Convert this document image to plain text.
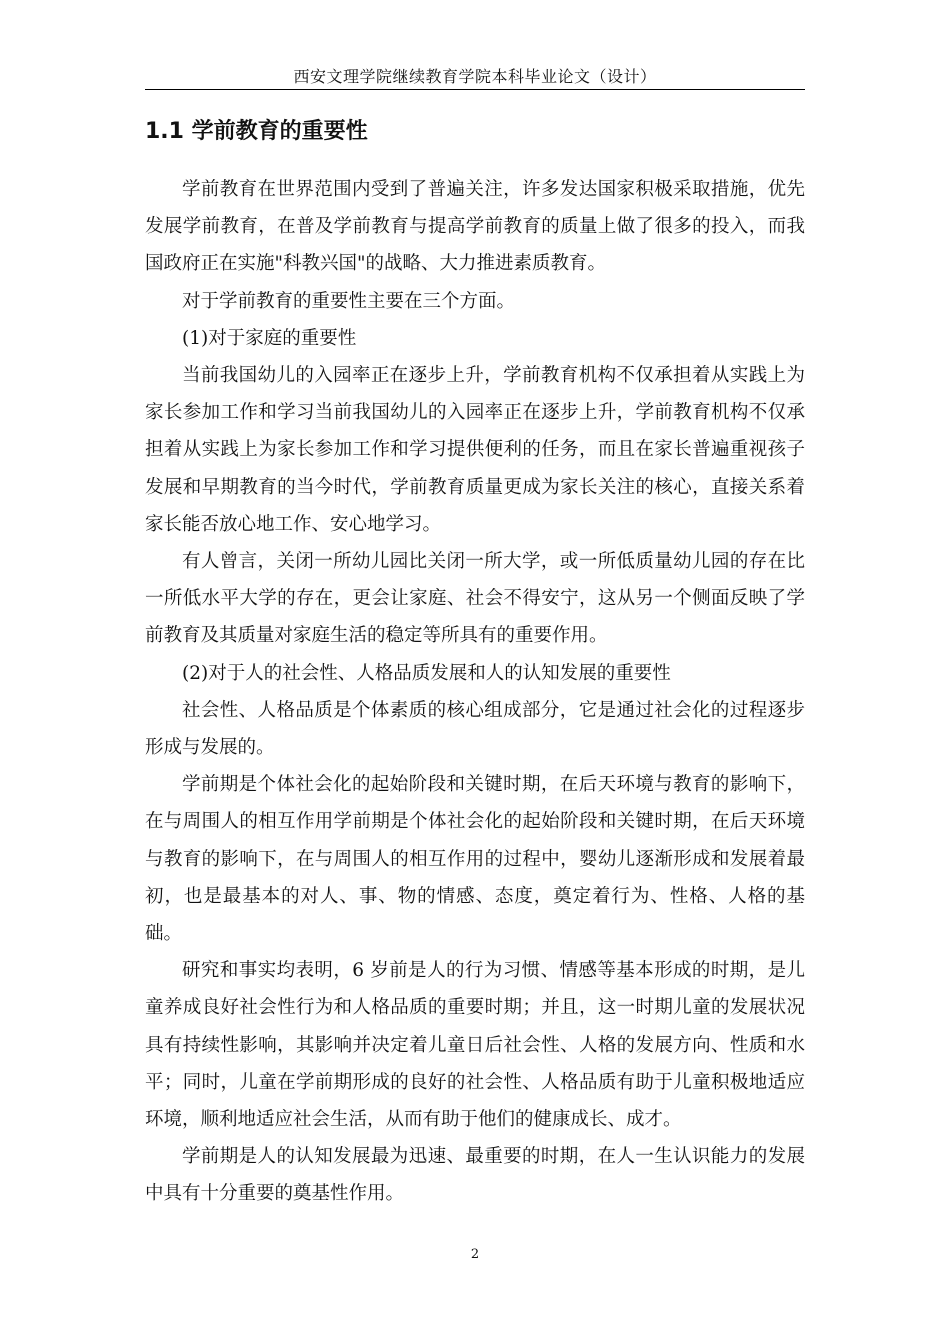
西安文理学院继续教育学院本科毕业论文（设计）
1.1 学前教育的重要性

学前教育在世界范围内受到了普遍关注，许多发达国家积极采取措施，优先发展学前教育，在普及学前教育与提高学前教育的质量上做了很多的投入，而我国政府正在实施"科教兴国"的战略、大力推进素质教育。

对于学前教育的重要性主要在三个方面。

(1)对于家庭的重要性

当前我国幼儿的入园率正在逐步上升，学前教育机构不仅承担着从实践上为家长参加工作和学习当前我国幼儿的入园率正在逐步上升，学前教育机构不仅承担着从实践上为家长参加工作和学习提供便利的任务，而且在家长普遍重视孩子发展和早期教育的当今时代，学前教育质量更成为家长关注的核心，直接关系着家长能否放心地工作、安心地学习。

有人曾言，关闭一所幼儿园比关闭一所大学，或一所低质量幼儿园的存在比一所低水平大学的存在，更会让家庭、社会不得安宁，这从另一个侧面反映了学前教育及其质量对家庭生活的稳定等所具有的重要作用。

(2)对于人的社会性、人格品质发展和人的认知发展的重要性

社会性、人格品质是个体素质的核心组成部分，它是通过社会化的过程逐步形成与发展的。

学前期是个体社会化的起始阶段和关键时期，在后天环境与教育的影响下，在与周围人的相互作用学前期是个体社会化的起始阶段和关键时期，在后天环境与教育的影响下，在与周围人的相互作用的过程中，婴幼儿逐渐形成和发展着最初，也是最基本的对人、事、物的情感、态度，奠定着行为、性格、人格的基础。

研究和事实均表明，6 岁前是人的行为习惯、情感等基本形成的时期，是儿童养成良好社会性行为和人格品质的重要时期；并且，这一时期儿童的发展状况具有持续性影响，其影响并决定着儿童日后社会性、人格的发展方向、性质和水平；同时，儿童在学前期形成的良好的社会性、人格品质有助于儿童积极地适应环境，顺利地适应社会生活，从而有助于他们的健康成长、成才。

学前期是人的认知发展最为迅速、最重要的时期，在人一生认识能力的发展中具有十分重要的奠基性作用。

2
